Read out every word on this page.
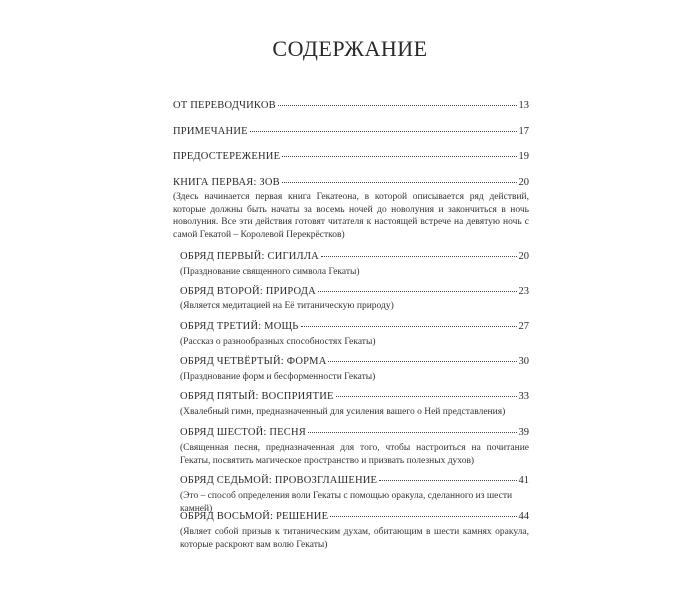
СОДЕРЖАНИЕ
ОТ ПЕРЕВОДЧИКОВ	13
ПРИМЕЧАНИЕ	17
ПРЕДОСТЕРЕЖЕНИЕ	19
КНИГА ПЕРВАЯ: ЗОВ	20
(Здесь начинается первая книга Гекатеона, в которой описывается ряд действий, которые должны быть начаты за восемь ночей до новолуния и закончиться в ночь новолуния. Все эти действия готовят читателя к настоящей встрече на девятую ночь с самой Гекатой – Королевой Перекрёстков)
ОБРЯД ПЕРВЫЙ: СИГИЛЛА	20
(Празднование священного символа Гекаты)
ОБРЯД ВТОРОЙ: ПРИРОДА	23
(Является медитацией на Её титаническую природу)
ОБРЯД ТРЕТИЙ: МОЩЬ	27
(Рассказ о разнообразных способностях Гекаты)
ОБРЯД ЧЕТВЁРТЫЙ: ФОРМА	30
(Празднование форм и бесформенности Гекаты)
ОБРЯД ПЯТЫЙ: ВОСПРИЯТИЕ	33
(Хвалебный гимн, предназначенный для усиления вашего о Ней представления)
ОБРЯД ШЕСТОЙ: ПЕСНЯ	39
(Священная песня, предназначенная для того, чтобы настроиться на почитание Гекаты, посвятить магическое пространство и призвать полезных духов)
ОБРЯД СЕДЬМОЙ: ПРОВОЗГЛАШЕНИЕ	41
(Это – способ определения воли Гекаты с помощью оракула, сделанного из шести камней)
ОБРЯД ВОСЬМОЙ: РЕШЕНИЕ	44
(Являет собой призыв к титаническим духам, обитающим в шести камнях оракула, которые раскроют вам волю Гекаты)
